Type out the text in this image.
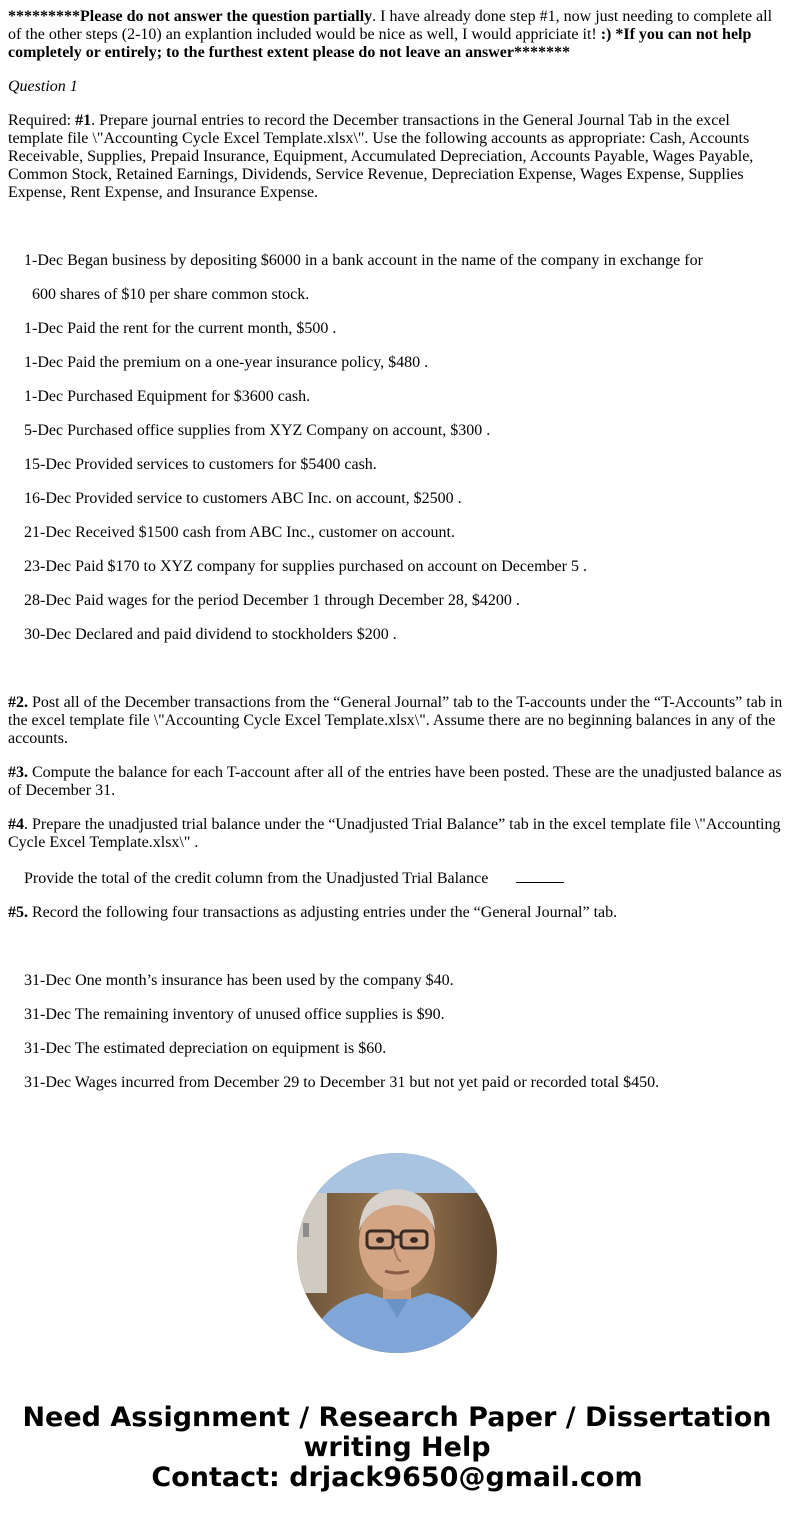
*********Please do not answer the question partially. I have already done step #1, now just needing to complete all of the other steps (2-10) an explantion included would be nice as well, I would appriciate it! :) *If you can not help completely or entirely; to the furthest extent please do not leave an answer*******

Question 1

Required: #1. Prepare journal entries to record the December transactions in the General Journal Tab in the excel template file \"Accounting Cycle Excel Template.xlsx\". Use the following accounts as appropriate: Cash, Accounts Receivable, Supplies, Prepaid Insurance, Equipment, Accumulated Depreciation, Accounts Payable, Wages Payable, Common Stock, Retained Earnings, Dividends, Service Revenue, Depreciation Expense, Wages Expense, Supplies Expense, Rent Expense, and Insurance Expense.

1-Dec Began business by depositing $6000 in a bank account in the name of the company in exchange for

600 shares of $10 per share common stock.

1-Dec Paid the rent for the current month, $500 .

1-Dec Paid the premium on a one-year insurance policy, $480 .

1-Dec Purchased Equipment for $3600 cash.

5-Dec Purchased office supplies from XYZ Company on account, $300 .

15-Dec Provided services to customers for $5400 cash.

16-Dec Provided service to customers ABC Inc. on account, $2500 .

21-Dec Received $1500 cash from ABC Inc., customer on account.

23-Dec Paid $170 to XYZ company for supplies purchased on account on December 5 .

28-Dec Paid wages for the period December 1 through December 28, $4200 .

30-Dec Declared and paid dividend to stockholders $200 .

#2. Post all of the December transactions from the “General Journal” tab to the T-accounts under the “T-Accounts” tab in the excel template file \"Accounting Cycle Excel Template.xlsx\". Assume there are no beginning balances in any of the accounts.

#3. Compute the balance for each T-account after all of the entries have been posted. These are the unadjusted balance as of December 31.

#4. Prepare the unadjusted trial balance under the “Unadjusted Trial Balance” tab in the excel template file \"Accounting Cycle Excel Template.xlsx\" .

Provide the total of the credit column from the Unadjusted Trial Balance

#5. Record the following four transactions as adjusting entries under the “General Journal” tab.

31-Dec One month’s insurance has been used by the company $40.

31-Dec The remaining inventory of unused office supplies is $90.

31-Dec The estimated depreciation on equipment is $60.

31-Dec Wages incurred from December 29 to December 31 but not yet paid or recorded total $450.

Need Assignment / Research Paper / Dissertation
writing Help
Contact: drjack9650@gmail.com
